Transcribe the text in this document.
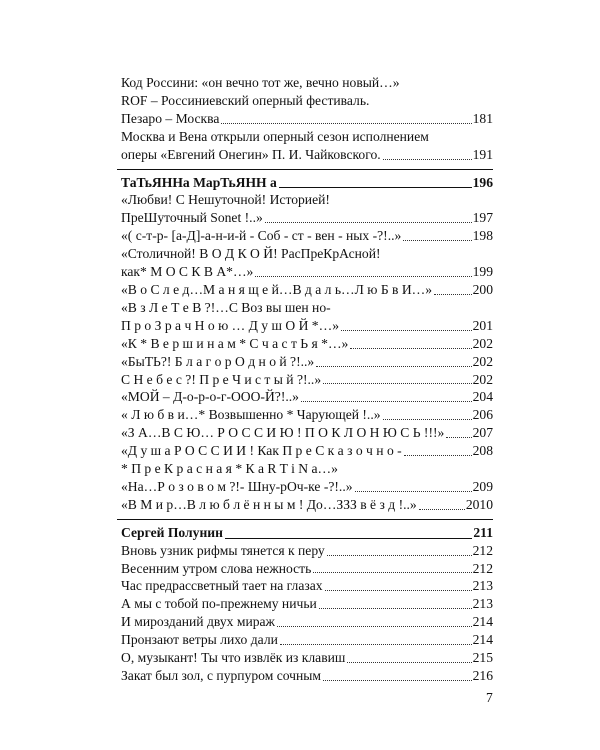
Код Россини: «он вечно тот же, вечно новый…»
ROF – Россиниевский оперный фестиваль.
Пезаро – Москва	181
Москва и Вена открыли оперный сезон исполнением
оперы «Евгений Онегин» П. И. Чайковского.	191
ТаТьЯННа МарТьЯНН а	196
«Любви! С Нешуточной! Историей!
ПреШуточный Sonet !..»	197
«( с-т-р- [а-Д]-а-н-и-й - Соб - ст - вен - ных -?!..»	198
«Столичной! В О Д К О Й! РасПреКрАсной!
как* М О С К В А*…»	199
«В о С л е д…М а н я щ е й…В д а л ь…Л ю Б в И…»	200
«В з Л е Т е В ?!…С Воз вы шен но-
П р о З р а ч Н о ю … Д у ш О Й *…»	201
«К * В е р ш и н а м * С ч а с т Ь я *…»	202
«БыТЬ?! Б л а г о р О д н о й ?!..»	202
С Н е б е с ?! П р е Ч и с т ы й ?!..»	202
«МОЙ – Д-о-р-о-г-ООО-Й?!..»	204
« Л ю б в и…* Возвышенно * Чарующей !..»	206
«З А…В С Ю… Р О С С И Ю ! П О К Л О Н Ю С Ь !!!» 207
«Д у ш а Р О С С И И ! Как П р е С к а з о ч н о -	208
* П р е К р а с н а я * К а R T i N а…»
«На…Р о з о в о м ?!- Шну-рОч-ке -?!..»	209
«В М и р…В л ю б л ё н н ы м ! До…ЗЗЗ в ё з д !..»	2010
Сергей Полунин	211
Вновь узник рифмы тянется к перу	212
Весенним утром слова нежность	212
Час предрассветный тает на глазах	213
А мы с тобой по-прежнему ничьи	213
И мирозданий двух мираж	214
Пронзают ветры лихо дали	214
О, музыкант! Ты что извлёк из клавиш	215
Закат был зол, с пурпуром сочным	216
7
